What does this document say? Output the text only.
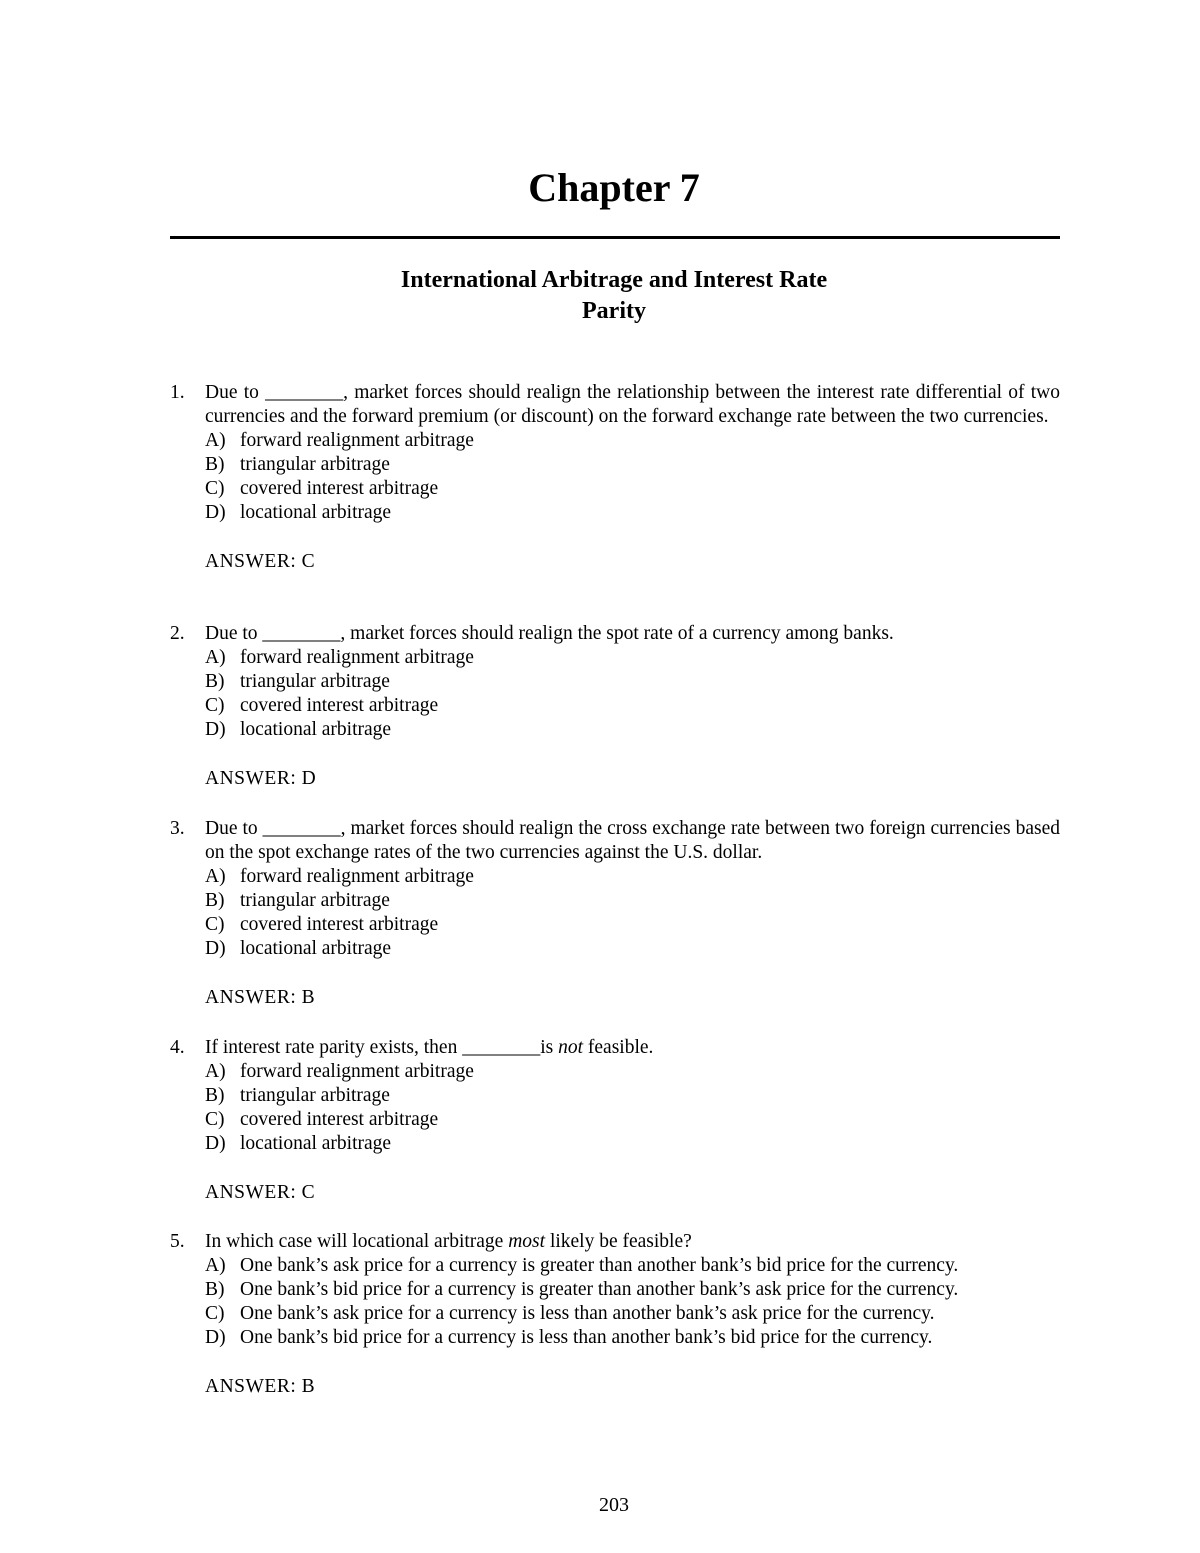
Chapter 7
International Arbitrage and Interest Rate
Parity
1. Due to ________, market forces should realign the relationship between the interest rate differential of two currencies and the forward premium (or discount) on the forward exchange rate between the two currencies.
A) forward realignment arbitrage
B) triangular arbitrage
C) covered interest arbitrage
D) locational arbitrage
ANSWER: C
2. Due to ________, market forces should realign the spot rate of a currency among banks.
A) forward realignment arbitrage
B) triangular arbitrage
C) covered interest arbitrage
D) locational arbitrage
ANSWER: D
3. Due to ________, market forces should realign the cross exchange rate between two foreign currencies based on the spot exchange rates of the two currencies against the U.S. dollar.
A) forward realignment arbitrage
B) triangular arbitrage
C) covered interest arbitrage
D) locational arbitrage
ANSWER: B
4. If interest rate parity exists, then ________is not feasible.
A) forward realignment arbitrage
B) triangular arbitrage
C) covered interest arbitrage
D) locational arbitrage
ANSWER: C
5. In which case will locational arbitrage most likely be feasible?
A) One bank’s ask price for a currency is greater than another bank’s bid price for the currency.
B) One bank’s bid price for a currency is greater than another bank’s ask price for the currency.
C) One bank’s ask price for a currency is less than another bank’s ask price for the currency.
D) One bank’s bid price for a currency is less than another bank’s bid price for the currency.
ANSWER: B
203
